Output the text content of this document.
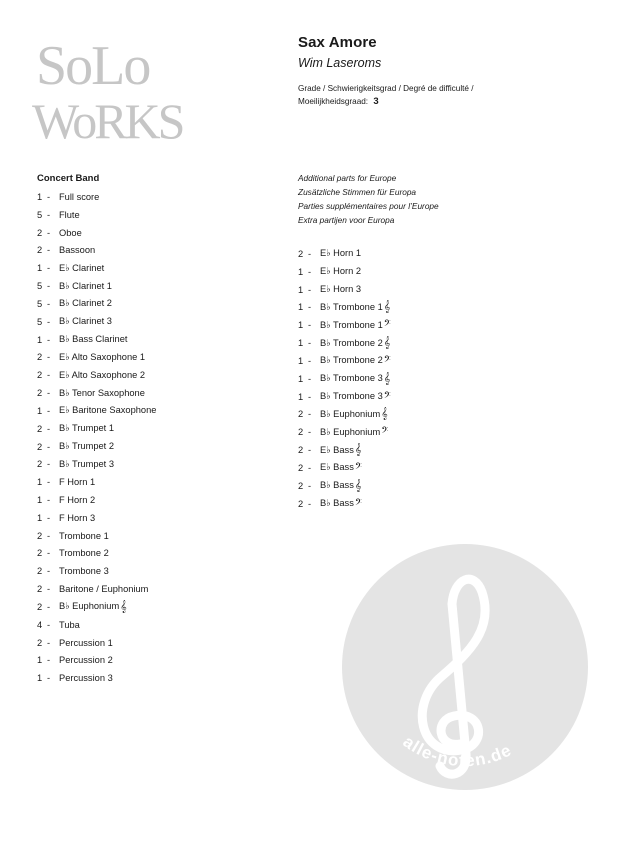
SoLo
WoRKS
Sax Amore
Wim Laseroms
Grade / Schwierigkeitsgrad / Degré de difficulté / Moeilijkheidsgraad: 3
Concert Band
1 - Full score
5 - Flute
2 - Oboe
2 - Bassoon
1 - E♭ Clarinet
5 - B♭ Clarinet 1
5 - B♭ Clarinet 2
5 - B♭ Clarinet 3
1 - B♭ Bass Clarinet
2 - E♭ Alto Saxophone 1
2 - E♭ Alto Saxophone 2
2 - B♭ Tenor Saxophone
1 - E♭ Baritone Saxophone
2 - B♭ Trumpet 1
2 - B♭ Trumpet 2
2 - B♭ Trumpet 3
1 - F Horn 1
1 - F Horn 2
1 - F Horn 3
2 - Trombone 1
2 - Trombone 2
2 - Trombone 3
2 - Baritone / Euphonium
2 - B♭ Euphonium 𝄞
4 - Tuba
2 - Percussion 1
1 - Percussion 2
1 - Percussion 3
Additional parts for Europe
Zusätzliche Stimmen für Europa
Parties supplémentaires pour l’Europe
Extra partijen voor Europa
2 - E♭ Horn 1
1 - E♭ Horn 2
1 - E♭ Horn 3
1 - B♭ Trombone 1 𝄞
1 - B♭ Trombone 1 𝄢
1 - B♭ Trombone 2 𝄞
1 - B♭ Trombone 2 𝄢
1 - B♭ Trombone 3 𝄞
1 - B♭ Trombone 3 𝄢
2 - B♭ Euphonium 𝄞
2 - B♭ Euphonium 𝄢
2 - E♭ Bass 𝄞
2 - E♭ Bass 𝄢
2 - B♭ Bass 𝄞
2 - B♭ Bass 𝄢
alle-noten.de
